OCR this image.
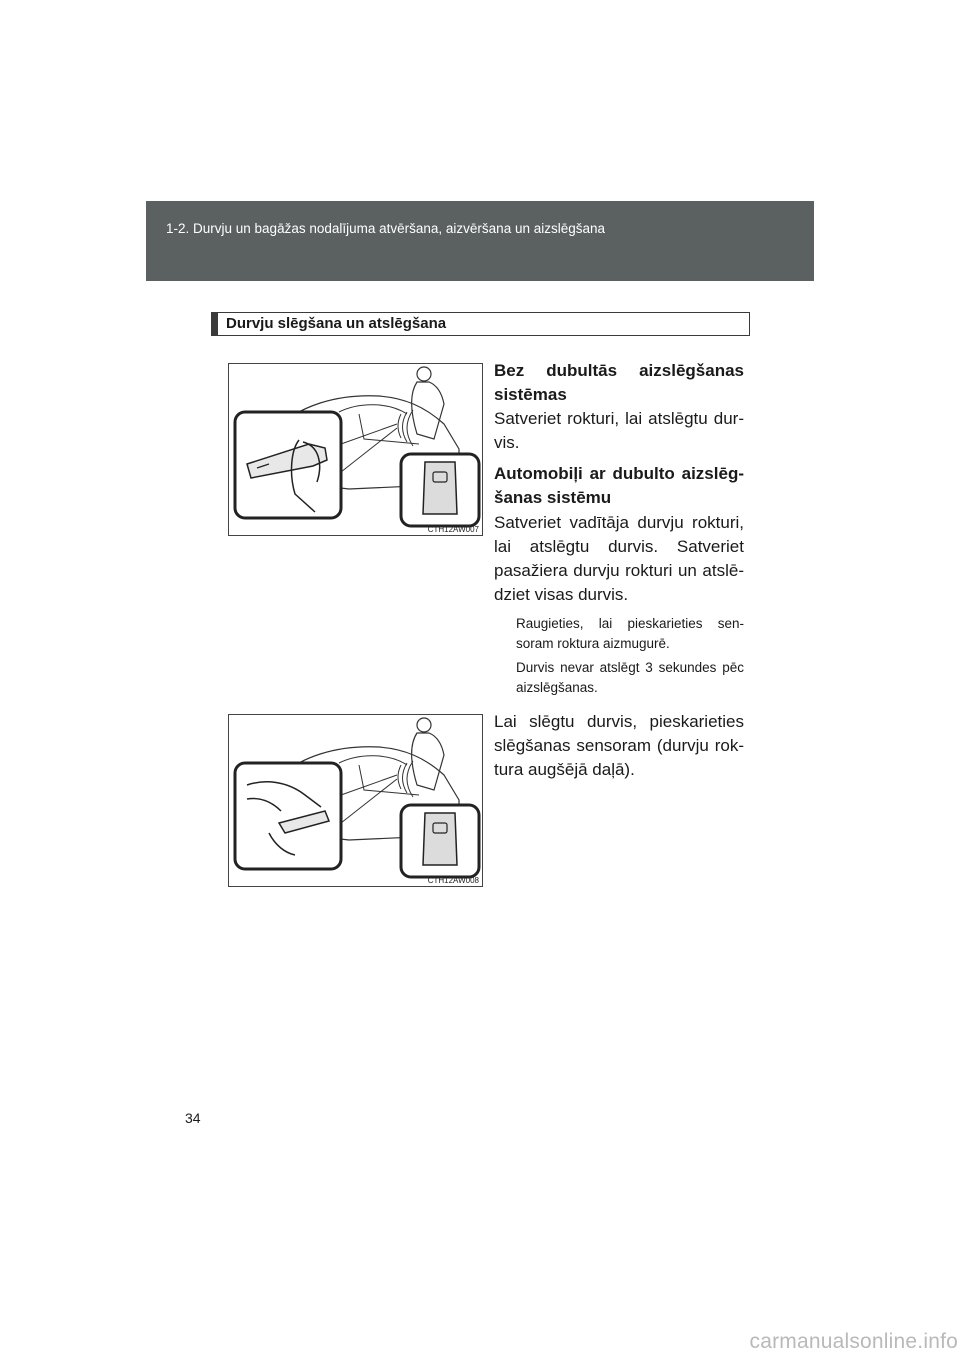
1-2. Durvju un bagāžas nodalījuma atvēršana, aizvēršana un aizslēgšana
Durvju slēgšana un atslēgšana
CTH12AW007
CTH12AW008
Bez dubultās aizslēgšanas sistēmas
Satveriet rokturi, lai atslēgtu dur-vis.
Automobiļi ar dubulto aizslēg-šanas sistēmu
Satveriet vadītāja durvju rokturi, lai atslēgtu durvis. Satveriet pasažiera durvju rokturi un atslē-dziet visas durvis.
Raugieties, lai pieskarieties sen-soram roktura aizmugurē.
Durvis nevar atslēgt 3 sekundes pēc aizslēgšanas.
Lai slēgtu durvis, pieskarieties slēgšanas sensoram (durvju rok-tura augšējā daļā).
34
carmanualsonline.info
